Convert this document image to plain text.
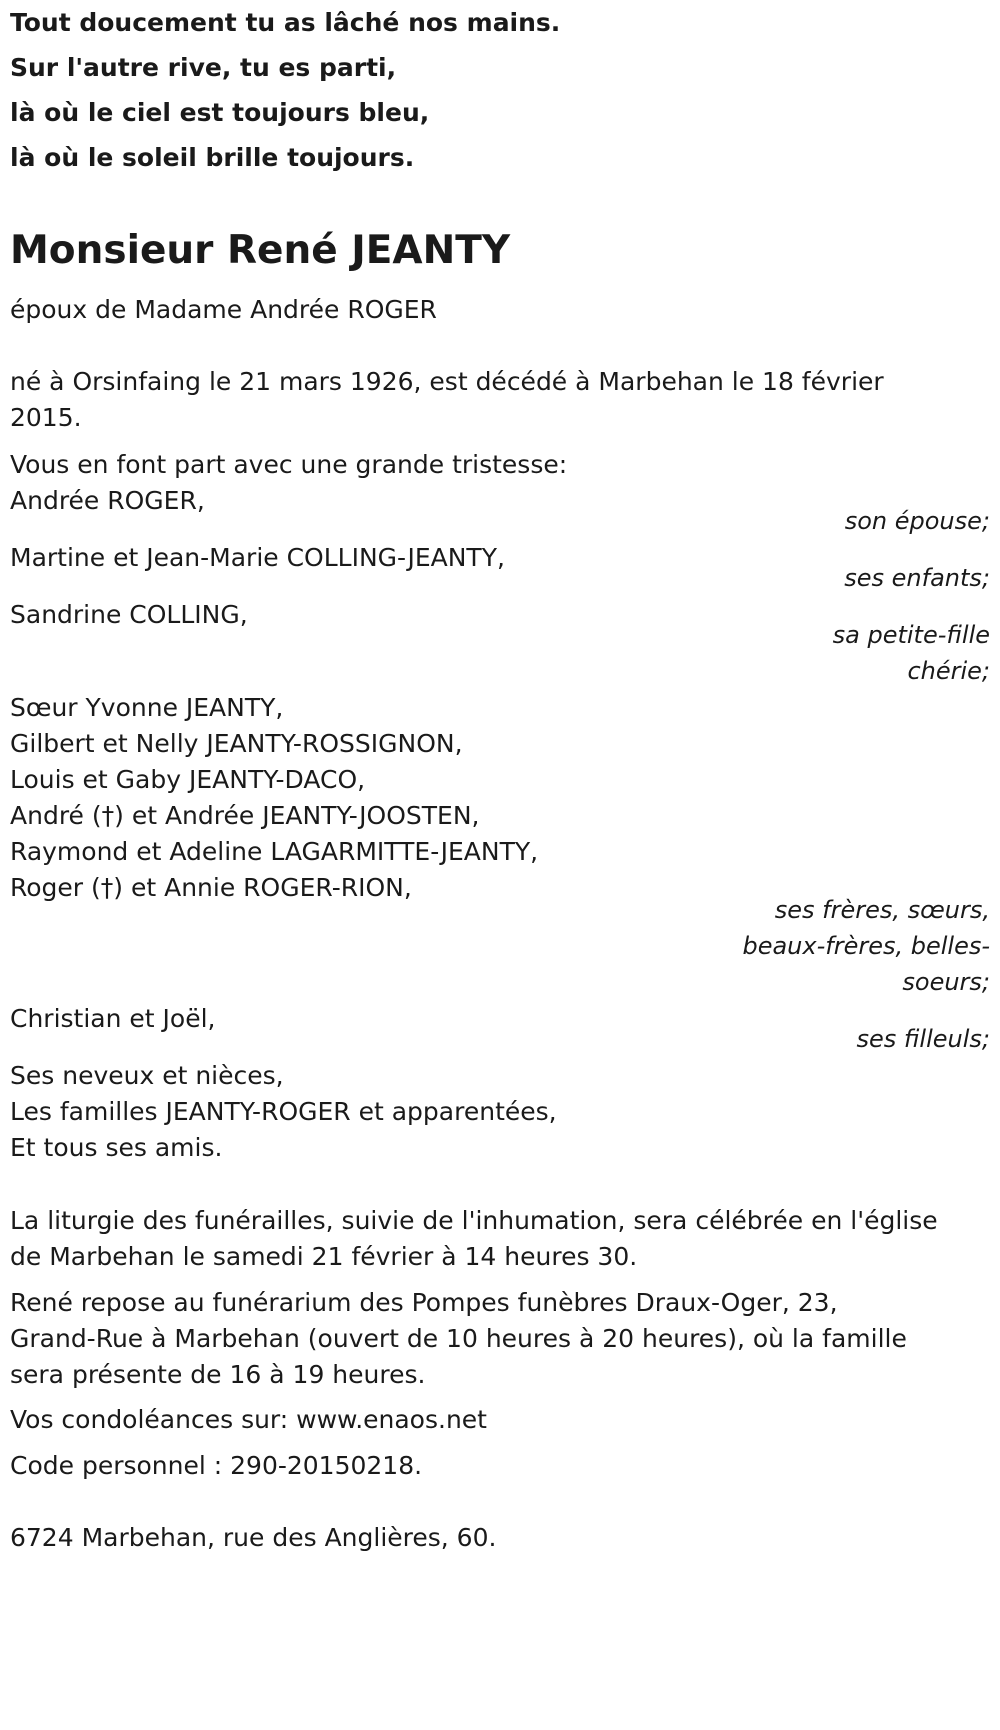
Tout doucement tu as lâché nos mains.
Sur l'autre rive, tu es parti,
là où le ciel est toujours bleu,
là où le soleil brille toujours.
Monsieur René JEANTY
époux de Madame Andrée ROGER
né à Orsinfaing le 21 mars 1926, est décédé à Marbehan le 18 février
2015.
Vous en font part avec une grande tristesse:
Andrée ROGER,
son épouse;
Martine et Jean-Marie COLLING-JEANTY,
ses enfants;
Sandrine COLLING,
sa petite-fille
chérie;
Sœur Yvonne JEANTY,
Gilbert et Nelly JEANTY-ROSSIGNON,
Louis et Gaby JEANTY-DACO,
André (†) et Andrée JEANTY-JOOSTEN,
Raymond et Adeline LAGARMITTE-JEANTY,
Roger (†) et Annie ROGER-RION,
ses frères, sœurs,
beaux-frères, belles-
soeurs;
Christian et Joël,
ses filleuls;
Ses neveux et nièces,
Les familles JEANTY-ROGER et apparentées,
Et tous ses amis.
La liturgie des funérailles, suivie de l'inhumation, sera célébrée en l'église
de Marbehan le samedi 21 février à 14 heures 30.
René repose au funérarium des Pompes funèbres Draux-Oger, 23,
Grand-Rue à Marbehan (ouvert de 10 heures à 20 heures), où la famille
sera présente de 16 à 19 heures.
Vos condoléances sur: www.enaos.net
Code personnel : 290-20150218.
6724 Marbehan, rue des Anglières, 60.
